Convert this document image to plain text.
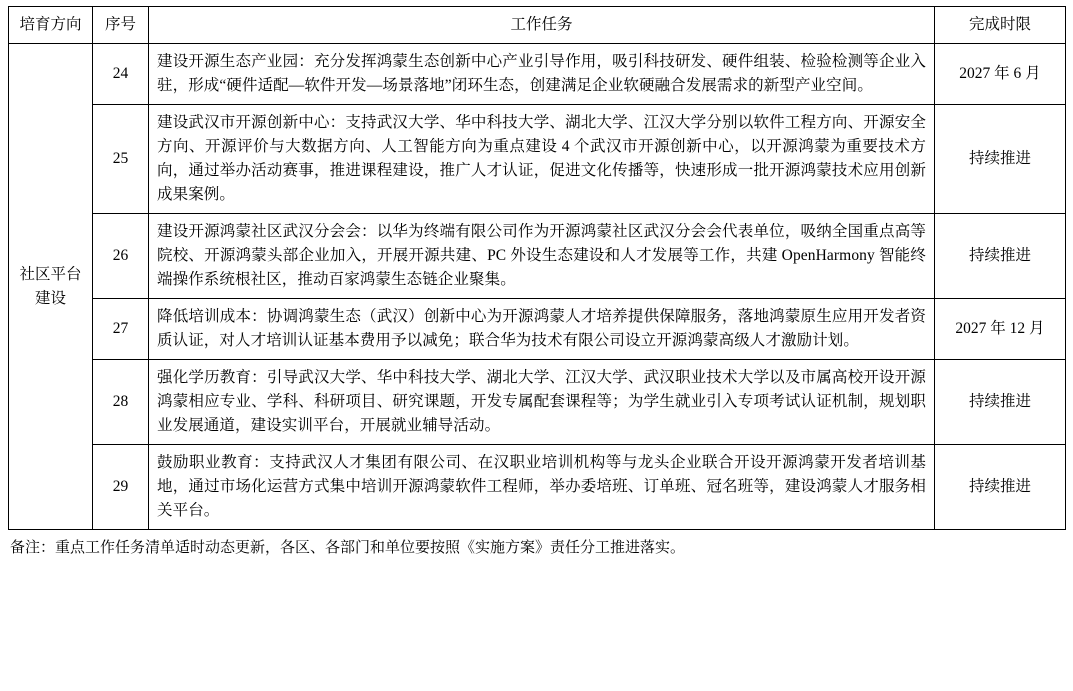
培育方向	序号	工作任务	完成时限
社区平台建设	24	建设开源生态产业园：充分发挥鸿蒙生态创新中心产业引导作用，吸引科技研发、硬件组装、检验检测等企业入驻，形成“硬件适配—软件开发—场景落地”闭环生态，创建满足企业软硬融合发展需求的新型产业空间。	2027 年 6 月
	25	建设武汉市开源创新中心：支持武汉大学、华中科技大学、湖北大学、江汉大学分别以软件工程方向、开源安全方向、开源评价与大数据方向、人工智能方向为重点建设 4 个武汉市开源创新中心，以开源鸿蒙为重要技术方向，通过举办活动赛事，推进课程建设，推广人才认证，促进文化传播等，快速形成一批开源鸿蒙技术应用创新成果案例。	持续推进
	26	建设开源鸿蒙社区武汉分会会：以华为终端有限公司作为开源鸿蒙社区武汉分会会代表单位，吸纳全国重点高等院校、开源鸿蒙头部企业加入，开展开源共建、PC 外设生态建设和人才发展等工作，共建 OpenHarmony 智能终端操作系统根社区，推动百家鸿蒙生态链企业聚集。	持续推进
	27	降低培训成本：协调鸿蒙生态（武汉）创新中心为开源鸿蒙人才培养提供保障服务，落地鸿蒙原生应用开发者资质认证，对人才培训认证基本费用予以减免；联合华为技术有限公司设立开源鸿蒙高级人才激励计划。	2027 年 12 月
	28	强化学历教育：引导武汉大学、华中科技大学、湖北大学、江汉大学、武汉职业技术大学以及市属高校开设开源鸿蒙相应专业、学科、科研项目、研究课题，开发专属配套课程等；为学生就业引入专项考试认证机制，规划职业发展通道，建设实训平台，开展就业辅导活动。	持续推进
	29	鼓励职业教育：支持武汉人才集团有限公司、在汉职业培训机构等与龙头企业联合开设开源鸿蒙开发者培训基地，通过市场化运营方式集中培训开源鸿蒙软件工程师，举办委培班、订单班、冠名班等，建设鸿蒙人才服务相关平台。	持续推进
备注：重点工作任务清单适时动态更新，各区、各部门和单位要按照《实施方案》责任分工推进落实。
